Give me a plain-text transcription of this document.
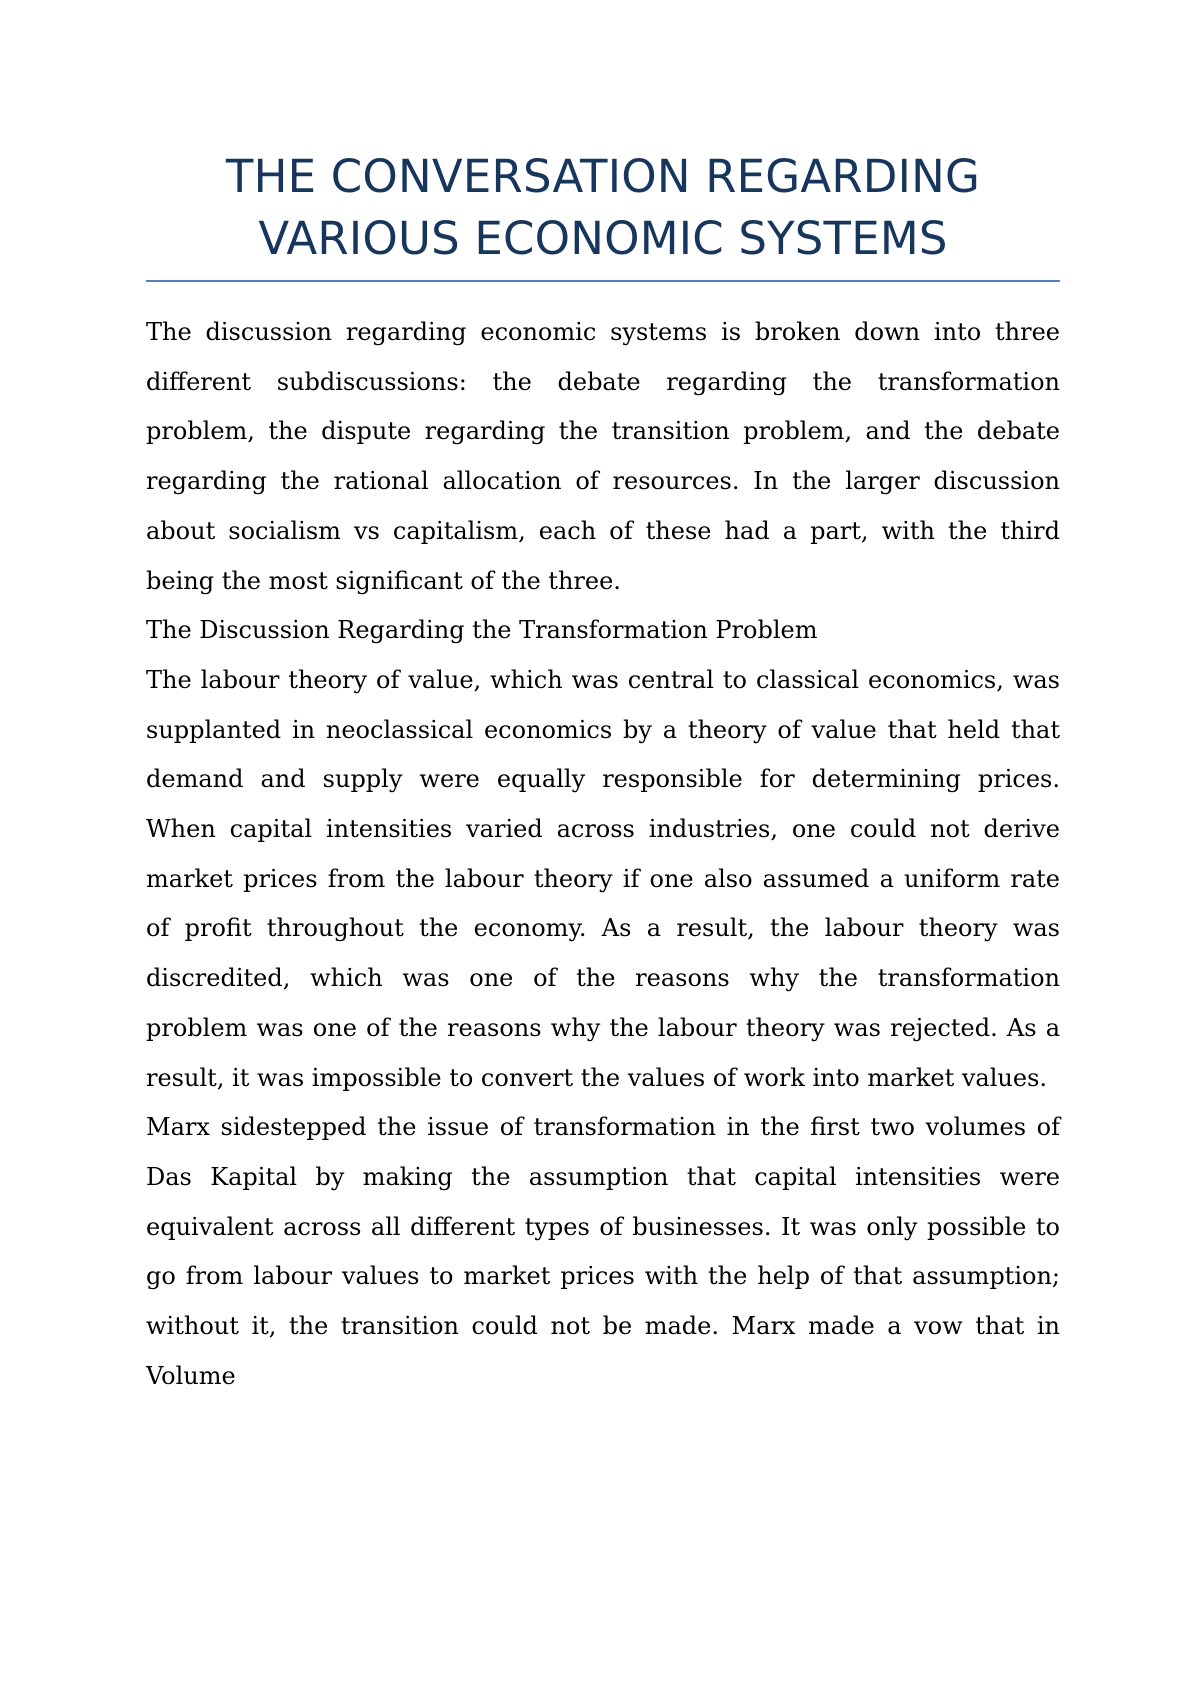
THE CONVERSATION REGARDING VARIOUS ECONOMIC SYSTEMS

The discussion regarding economic systems is broken down into three different subdiscussions: the debate regarding the transformation problem, the dispute regarding the transition problem, and the debate regarding the rational allocation of resources. In the larger discussion about socialism vs capitalism, each of these had a part, with the third being the most significant of the three.

The Discussion Regarding the Transformation Problem

The labour theory of value, which was central to classical economics, was supplanted in neoclassical economics by a theory of value that held that demand and supply were equally responsible for determining prices. When capital intensities varied across industries, one could not derive market prices from the labour theory if one also assumed a uniform rate of profit throughout the economy. As a result, the labour theory was discredited, which was one of the reasons why the transformation problem was one of the reasons why the labour theory was rejected. As a result, it was impossible to convert the values of work into market values.

Marx sidestepped the issue of transformation in the first two volumes of Das Kapital by making the assumption that capital intensities were equivalent across all different types of businesses. It was only possible to go from labour values to market prices with the help of that assumption; without it, the transition could not be made. Marx made a vow that in Volume
